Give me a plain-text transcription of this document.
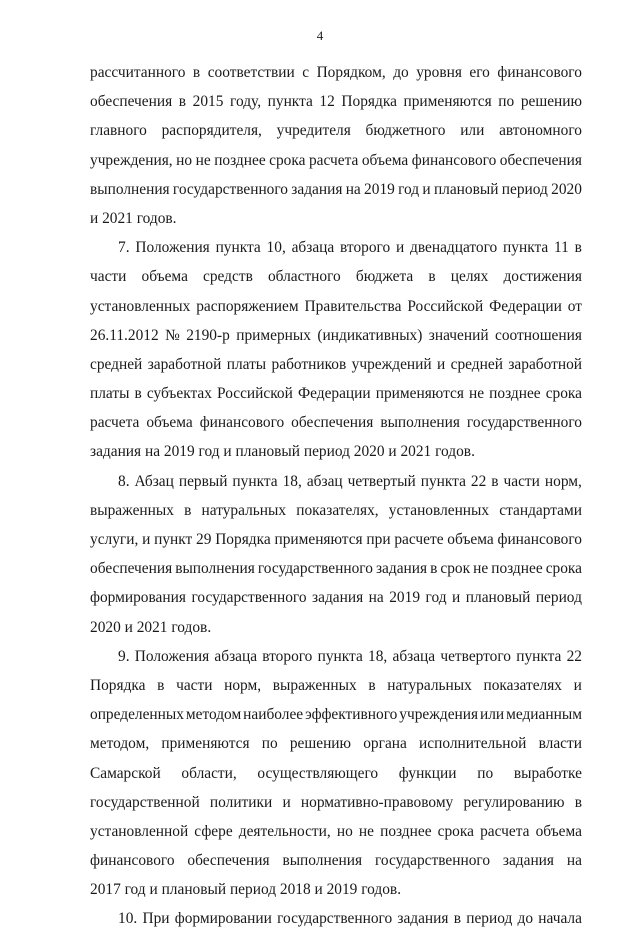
4
рассчитанного в соответствии с Порядком, до уровня его финансового
обеспечения в 2015 году, пункта 12 Порядка применяются по решению
главного распорядителя, учредителя бюджетного или автономного
учреждения, но не позднее срока расчета объема финансового обеспечения
выполнения государственного задания на 2019 год и плановый период 2020
и 2021 годов.
7. Положения пункта 10, абзаца второго и двенадцатого пункта 11 в
части объема средств областного бюджета в целях достижения
установленных распоряжением Правительства Российской Федерации от
26.11.2012 № 2190-р примерных (индикативных) значений соотношения
средней заработной платы работников учреждений и средней заработной
платы в субъектах Российской Федерации применяются не позднее срока
расчета объема финансового обеспечения выполнения государственного
задания на 2019 год и плановый период 2020 и 2021 годов.
8. Абзац первый пункта 18, абзац четвертый пункта 22 в части норм,
выраженных в натуральных показателях, установленных стандартами
услуги, и пункт 29 Порядка применяются при расчете объема финансового
обеспечения выполнения государственного задания в срок не позднее срока
формирования государственного задания на 2019 год и плановый период
2020 и 2021 годов.
9. Положения абзаца второго пункта 18, абзаца четвертого пункта 22
Порядка в части норм, выраженных в натуральных показателях и
определенных методом наиболее эффективного учреждения или медианным
методом, применяются по решению органа исполнительной власти
Самарской области, осуществляющего функции по выработке
государственной политики и нормативно-правовому регулированию в
установленной сфере деятельности, но не позднее срока расчета объема
финансового обеспечения выполнения государственного задания на
2017 год и плановый период 2018 и 2019 годов.
10. При формировании государственного задания в период до начала
